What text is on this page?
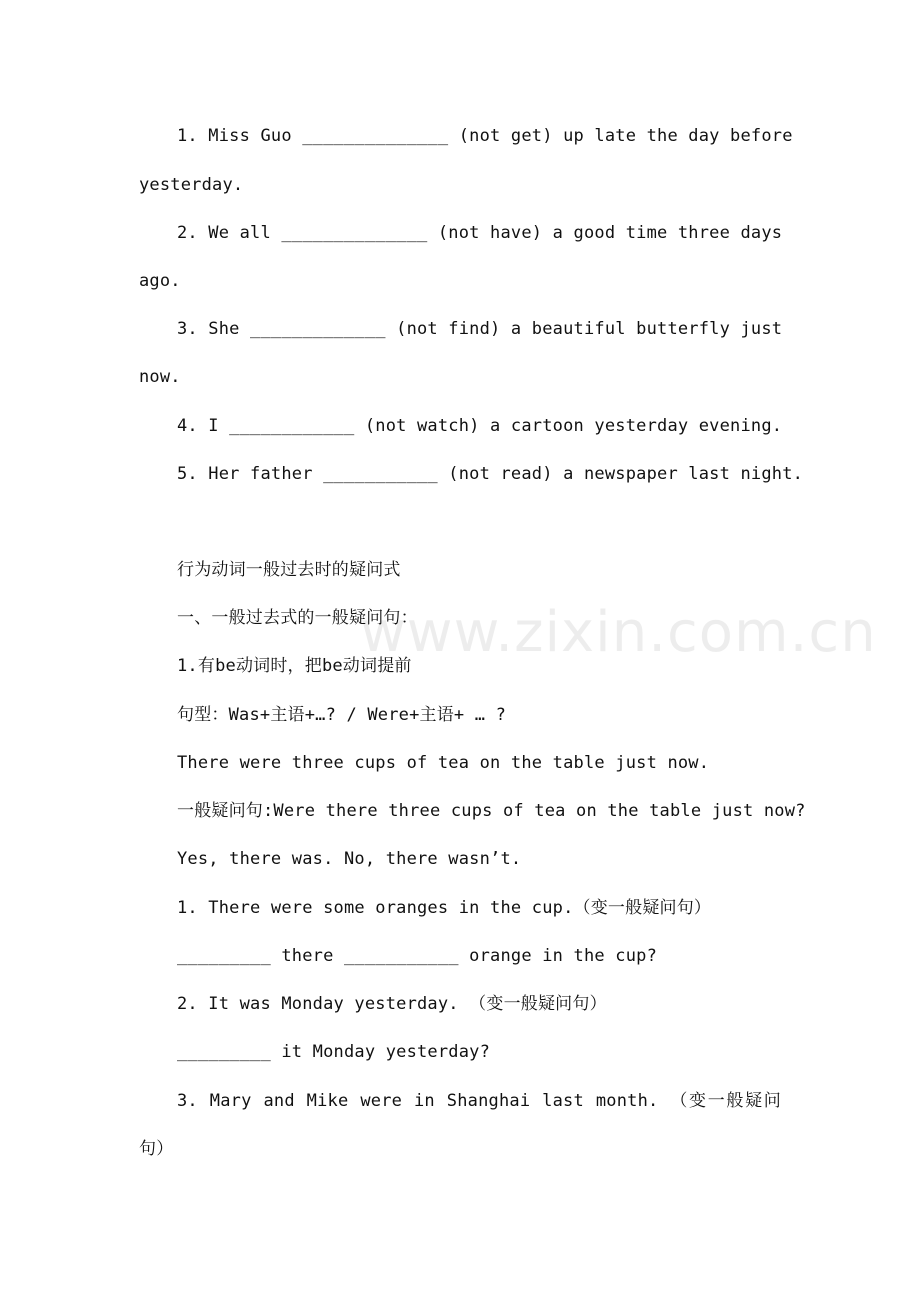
www.zixin.com.cn
1. Miss Guo ______________ (not get) up late the day before
yesterday.
2. We all ______________ (not have) a good time three days
ago.
3. She _____________ (not find) a beautiful butterfly just
now.
4. I ____________ (not watch) a cartoon yesterday evening.
5. Her father ___________ (not read) a newspaper last night.
行为动词一般过去时的疑问式
一、一般过去式的一般疑问句：
1.有be动词时，把be动词提前
句型：Was+主语+…? / Were+主语+ … ?
There were three cups of tea on the table just now.
一般疑问句:Were there three cups of tea on the table just now?
Yes, there was. No, there wasn’t.
1. There were some oranges in the cup.（变一般疑问句）
_________ there ___________ orange in the cup?
2. It was Monday yesterday. （变一般疑问句）
_________ it Monday yesterday?
3. Mary and Mike were in Shanghai last month. （变一般疑问
句）
